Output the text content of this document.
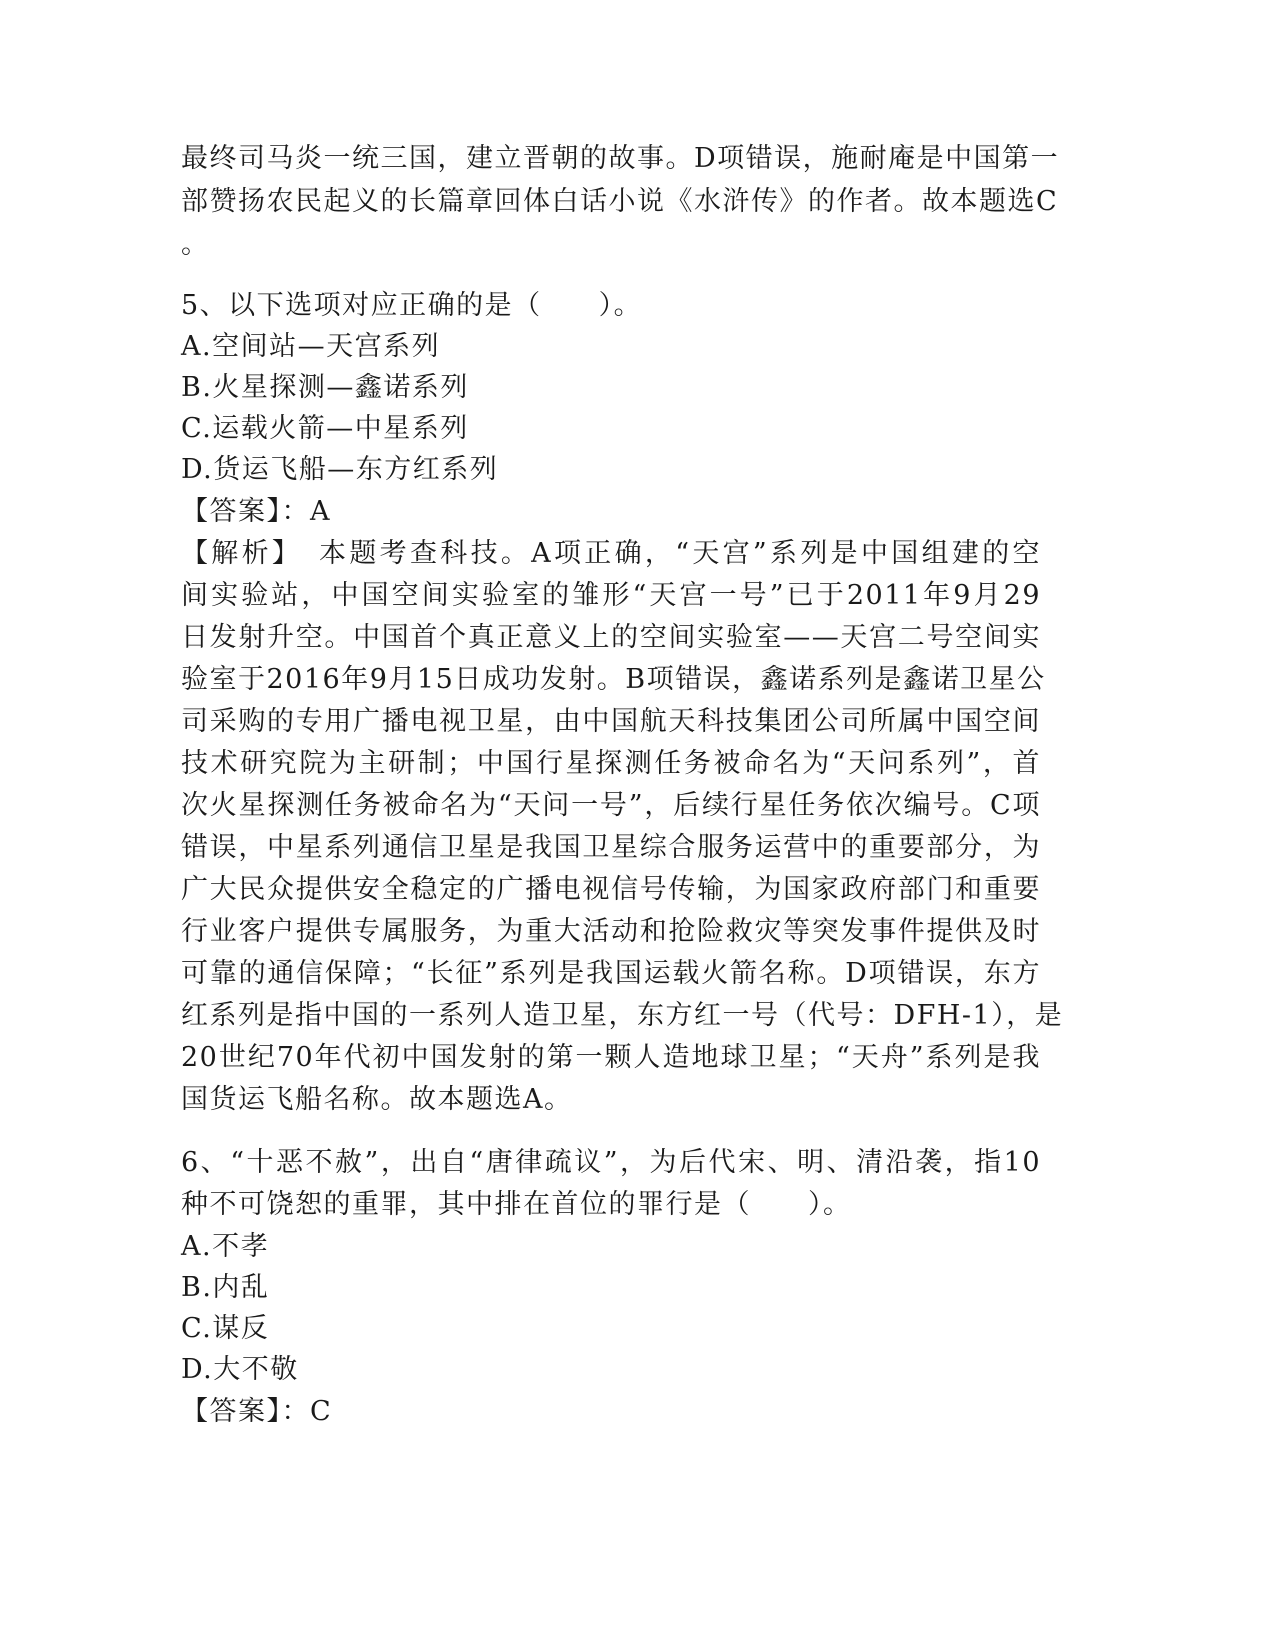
最终司马炎一统三国，建立晋朝的故事。D项错误，施耐庵是中国第一
部赞扬农民起义的长篇章回体白话小说《水浒传》的作者。故本题选C
。
5、以下选项对应正确的是（　　）。
A.空间站—天宫系列
B.火星探测—鑫诺系列
C.运载火箭—中星系列
D.货运飞船—东方红系列
【答案】：A
【解析】　本题考查科技。A项正确，“天宫”系列是中国组建的空
间实验站，中国空间实验室的雏形“天宫一号”已于2011年9月29
日发射升空。中国首个真正意义上的空间实验室——天宫二号空间实
验室于2016年9月15日成功发射。B项错误，鑫诺系列是鑫诺卫星公
司采购的专用广播电视卫星，由中国航天科技集团公司所属中国空间
技术研究院为主研制；中国行星探测任务被命名为“天问系列”，首
次火星探测任务被命名为“天问一号”，后续行星任务依次编号。C项
错误，中星系列通信卫星是我国卫星综合服务运营中的重要部分，为
广大民众提供安全稳定的广播电视信号传输，为国家政府部门和重要
行业客户提供专属服务，为重大活动和抢险救灾等突发事件提供及时
可靠的通信保障；“长征”系列是我国运载火箭名称。D项错误，东方
红系列是指中国的一系列人造卫星，东方红一号（代号：DFH-1），是
20世纪70年代初中国发射的第一颗人造地球卫星；“天舟”系列是我
国货运飞船名称。故本题选A。
6、“十恶不赦”，出自“唐律疏议”，为后代宋、明、清沿袭，指10
种不可饶恕的重罪，其中排在首位的罪行是（　　）。
A.不孝
B.内乱
C.谋反
D.大不敬
【答案】：C
